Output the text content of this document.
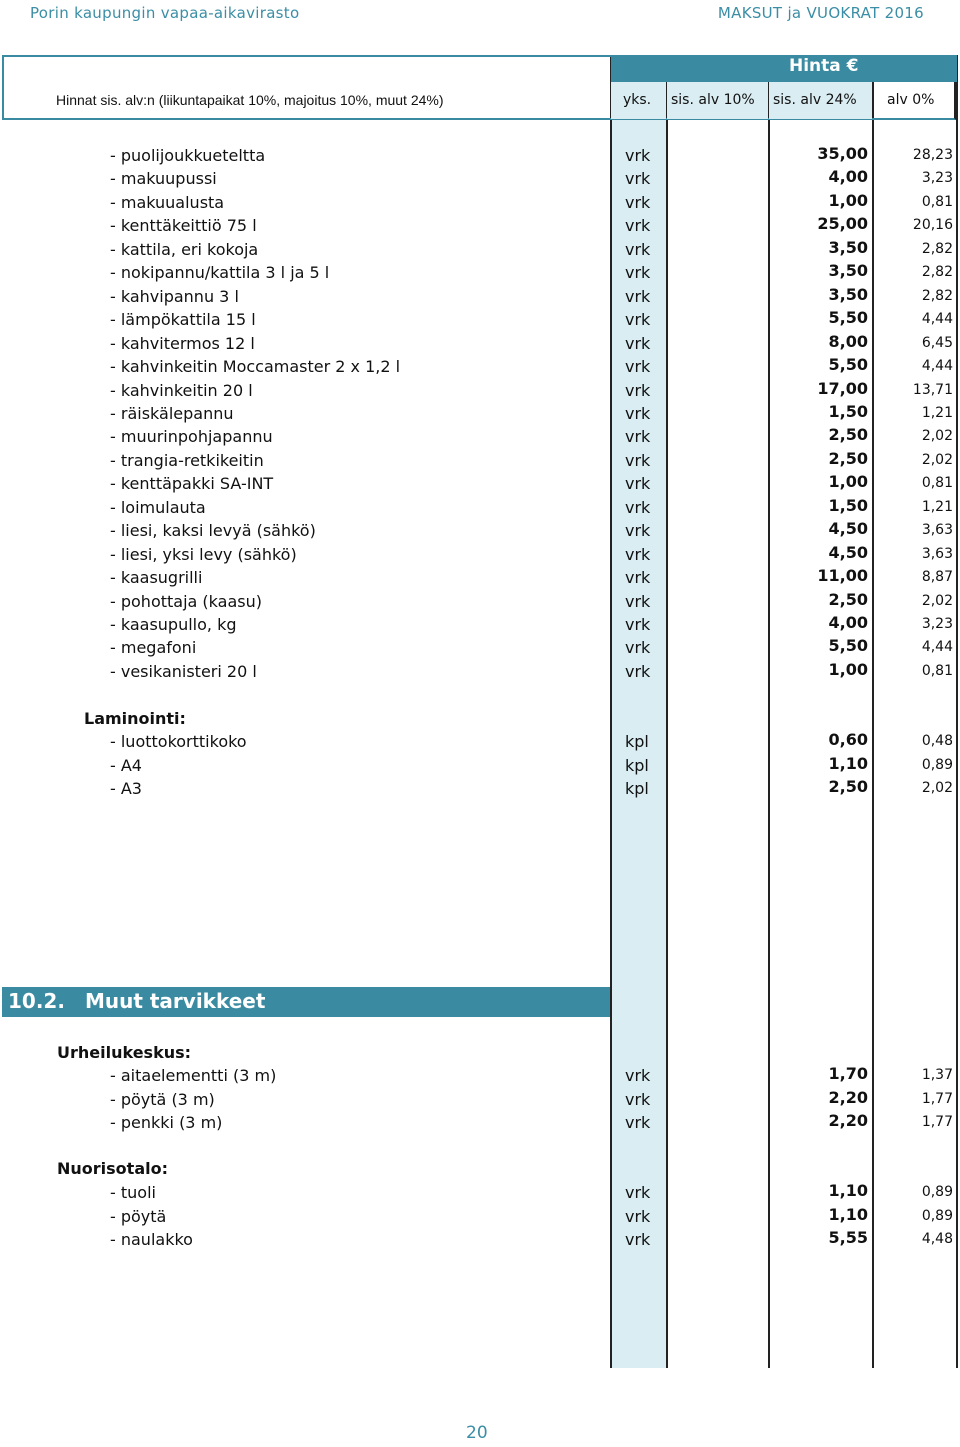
Porin kaupungin vapaa-aikavirasto	MAKSUT ja VUOKRAT 2016
Hinta €
Hinnat sis. alv:n (liikuntapaikat 10%, majoitus 10%, muut 24%)	yks. sis. alv 10% sis. alv 24% alv 0%
- puolijoukkueteltta	vrk	35,00	28,23
- makuupussi	vrk	4,00	3,23
- makuualusta	vrk	1,00	0,81
- kenttäkeittiö 75 l	vrk	25,00	20,16
- kattila, eri kokoja	vrk	3,50	2,82
- nokipannu/kattila 3 l ja 5 l	vrk	3,50	2,82
- kahvipannu 3 l	vrk	3,50	2,82
- lämpökattila 15 l	vrk	5,50	4,44
- kahvitermos 12 l	vrk	8,00	6,45
- kahvinkeitin Moccamaster 2 x 1,2 l	vrk	5,50	4,44
- kahvinkeitin 20 l	vrk	17,00	13,71
- räiskälepannu	vrk	1,50	1,21
- muurinpohjapannu	vrk	2,50	2,02
- trangia-retkikeitin	vrk	2,50	2,02
- kenttäpakki SA-INT	vrk	1,00	0,81
- loimulauta	vrk	1,50	1,21
- liesi, kaksi levyä (sähkö)	vrk	4,50	3,63
- liesi, yksi levy (sähkö)	vrk	4,50	3,63
- kaasugrilli	vrk	11,00	8,87
- pohottaja (kaasu)	vrk	2,50	2,02
- kaasupullo, kg	vrk	4,00	3,23
- megafoni	vrk	5,50	4,44
- vesikanisteri 20 l	vrk	1,00	0,81
- luottokorttikoko	kpl	0,60	0,48
- A4	kpl	1,10	0,89
- A3	kpl	2,50	2,02
- aitaelementti (3 m)	vrk	1,70	1,37
- pöytä (3 m)	vrk	2,20	1,77
- penkki (3 m)	vrk	2,20	1,77
- tuoli	vrk	1,10	0,89
- pöytä	vrk	1,10	0,89
- naulakko	vrk	5,55	4,48
Laminointi:
10.2. Muut tarvikkeet
Urheilukeskus:
Nuorisotalo:
20
